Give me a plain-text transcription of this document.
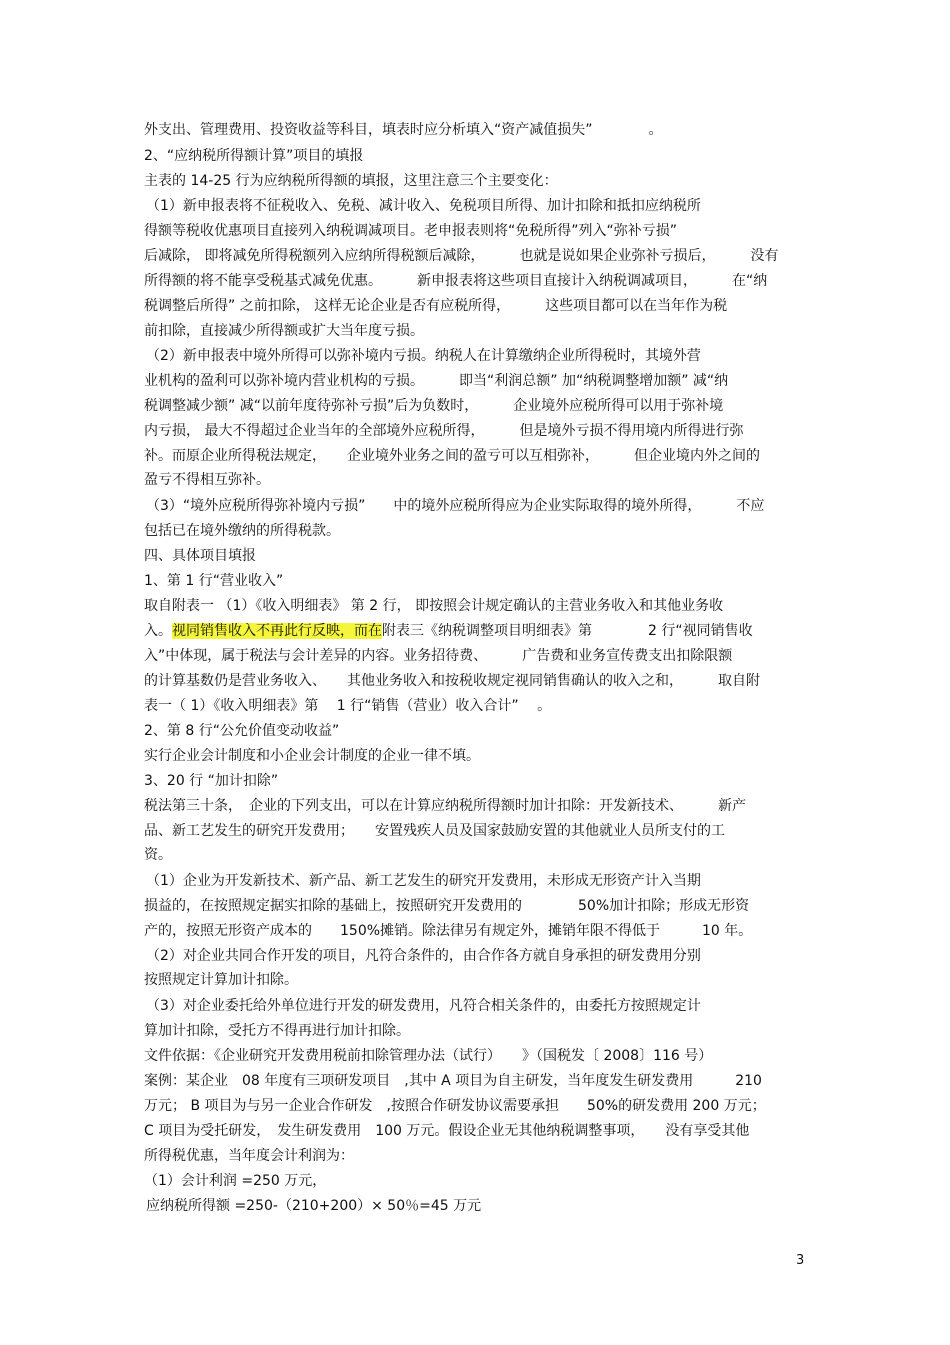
外支出、管理费用、投资收益等科目，填表时应分析填入“资产减值损失”　　　　。
2、“应纳税所得额计算”项目的填报
主表的 14-25 行为应纳税所得额的填报，这里注意三个主要变化：
（1）新申报表将不征税收入、免税、减计收入、免税项目所得、加计扣除和抵扣应纳税所
得额等税收优惠项目直接列入纳税调减项目。老申报表则将“免税所得”列入“弥补亏损”
后减除， 即将减免所得税额列入应纳所得税额后减除，　　　也就是说如果企业弥补亏损后，　　　没有
所得额的将不能享受税基式减免优惠。　　　新申报表将这些项目直接计入纳税调减项目，　　　在“纳
税调整后所得” 之前扣除， 这样无论企业是否有应税所得，　　　这些项目都可以在当年作为税
前扣除，直接减少所得额或扩大当年度亏损。
（2）新申报表中境外所得可以弥补境内亏损。纳税人在计算缴纳企业所得税时，其境外营
业机构的盈利可以弥补境内营业机构的亏损。　　　即当“利润总额” 加“纳税调整增加额” 减“纳
税调整减少额” 减“以前年度待弥补亏损”后为负数时，　　　企业境外应税所得可以用于弥补境
内亏损， 最大不得超过企业当年的全部境外应税所得，　　　但是境外亏损不得用境内所得进行弥
补。而原企业所得税法规定，　　企业境外业务之间的盈亏可以互相弥补，　　　但企业境内外之间的
盈亏不得相互弥补。
（3）“境外应税所得弥补境内亏损”　　中的境外应税所得应为企业实际取得的境外所得，　　　不应
包括已在境外缴纳的所得税款。
四、具体项目填报
1、第 1 行“营业收入”
取自附表一 （1）《收入明细表》 第 2 行， 即按照会计规定确认的主营业务收入和其他业务收
入。视同销售收入不再此行反映，而在附表三《纳税调整项目明细表》第　　　　2 行“视同销售收
入”中体现，属于税法与会计差异的内容。业务招待费、　　　广告费和业务宣传费支出扣除限额
的计算基数仍是营业务收入、　　其他业务收入和按税收规定视同销售确认的收入之和，　　　取自附
表一（ 1）《收入明细表》第　 1 行“销售（营业）收入合计”　 。
2、第 8 行“公允价值变动收益”
实行企业会计制度和小企业会计制度的企业一律不填。
3、20 行 “加计扣除”
税法第三十条，　企业的下列支出，可以在计算应纳税所得额时加计扣除：开发新技术、　　　新产
品、新工艺发生的研究开发费用；　　安置残疾人员及国家鼓励安置的其他就业人员所支付的工
资。
（1）企业为开发新技术、新产品、新工艺发生的研究开发费用，未形成无形资产计入当期
损益的，在按照规定据实扣除的基础上，按照研究开发费用的　　　　50%加计扣除；形成无形资
产的，按照无形资产成本的　　150%摊销。除法律另有规定外，摊销年限不得低于　　　10 年。
（2）对企业共同合作开发的项目，凡符合条件的，由合作各方就自身承担的研发费用分别
按照规定计算加计扣除。
（3）对企业委托给外单位进行开发的研发费用，凡符合相关条件的，由委托方按照规定计
算加计扣除，受托方不得再进行加计扣除。
文件依据：《企业研究开发费用税前扣除管理办法（试行）　　》（国税发〔 2008〕116 号）
案例：某企业　08 年度有三项研发项目　,其中 A 项目为自主研发，当年度发生研发费用　　　210
万元； B 项目为与另一企业合作研发　,按照合作研发协议需要承担　　50%的研发费用 200 万元；
C 项目为受托研发，　发生研发费用　100 万元。假设企业无其他纳税调整事项，　　没有享受其他
所得税优惠，当年度会计利润为：
（1）会计利润 =250 万元，
应纳税所得额 =250-（210+200）× 50％=45 万元
3
